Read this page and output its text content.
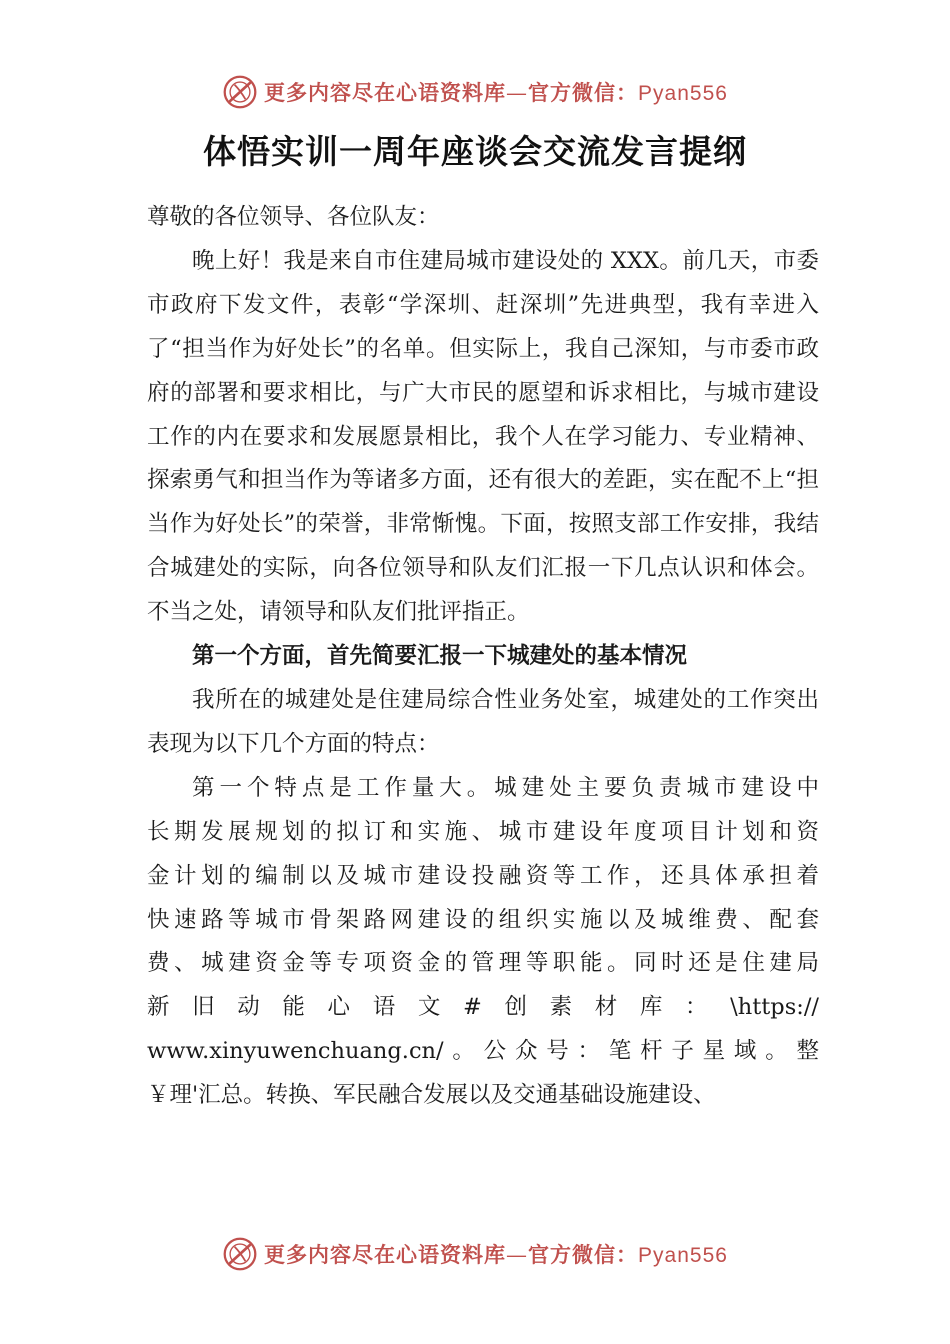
更多内容尽在心语资料库—官方微信：Pyan556
体悟实训一周年座谈会交流发言提纲

尊敬的各位领导、各位队友：

晚上好！我是来自市住建局城市建设处的 XXX。前几天，市委市政府下发文件，表彰“学深圳、赶深圳”先进典型，我有幸进入了“担当作为好处长”的名单。但实际上，我自己深知，与市委市政府的部署和要求相比，与广大市民的愿望和诉求相比，与城市建设工作的内在要求和发展愿景相比，我个人在学习能力、专业精神、探索勇气和担当作为等诸多方面，还有很大的差距，实在配不上“担当作为好处长”的荣誉，非常惭愧。下面，按照支部工作安排，我结合城建处的实际，向各位领导和队友们汇报一下几点认识和体会。不当之处，请领导和队友们批评指正。

第一个方面，首先简要汇报一下城建处的基本情况

我所在的城建处是住建局综合性业务处室，城建处的工作突出表现为以下几个方面的特点：

第一个特点是工作量大。城建处主要负责城市建设中
长期发展规划的拟订和实施、城市建设年度项目计划和资
金计划的编制以及城市建设投融资等工作，还具体承担着
快速路等城市骨架路网建设的组织实施以及城维费、配套
费、城建资金等专项资金的管理等职能。同时还是住建局
新旧动能心语文#创素材库：\https://
www.xinyuwenchuang.cn/。公众号：笔杆子星域。整
￥理'汇总。转换、军民融合发展以及交通基础设施建设、
更多内容尽在心语资料库—官方微信：Pyan556
